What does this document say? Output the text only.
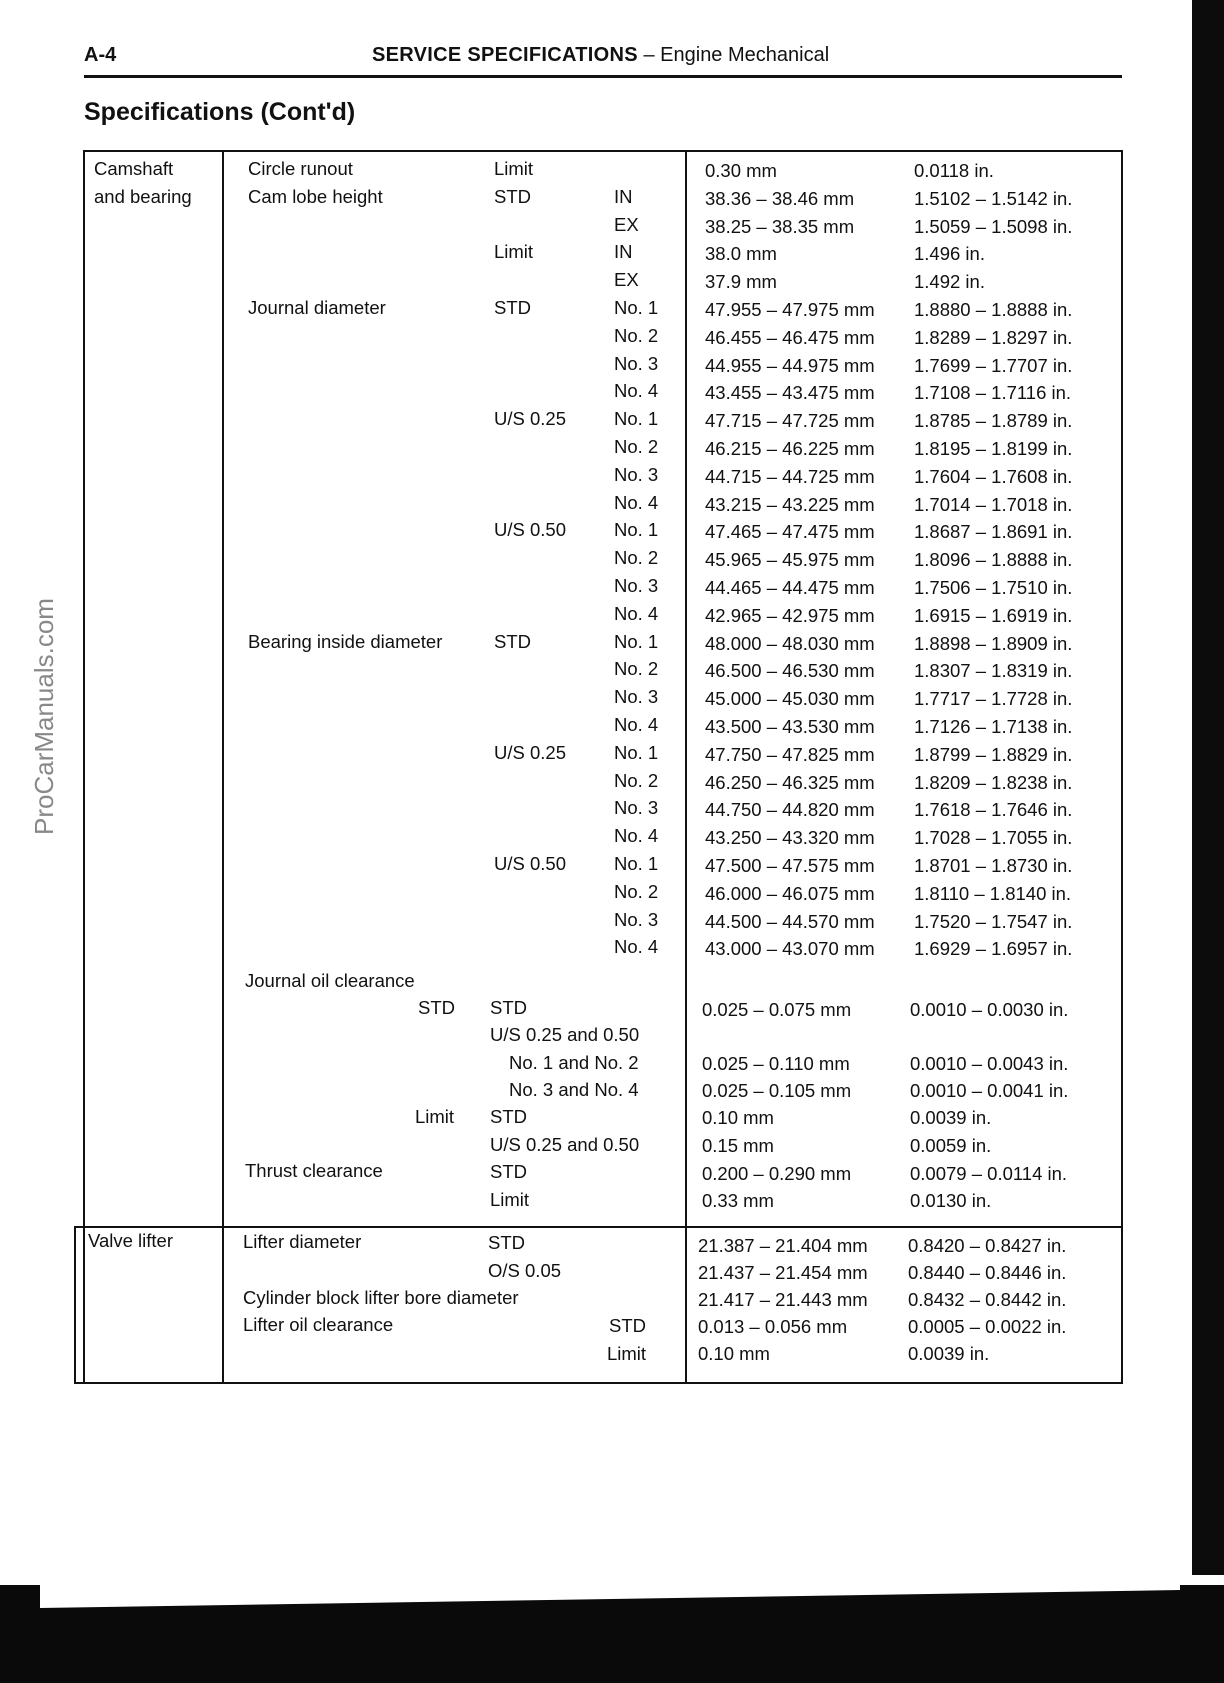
A-4	SERVICE SPECIFICATIONS – Engine Mechanical
Specifications (Cont'd)
ProCarManuals.com
Camshaft	Circle runout	Limit	0.30 mm	0.0118 in.
and bearing	Cam lobe height	STD	IN	38.36 – 38.46 mm	1.5102 – 1.5142 in.
EX	38.25 – 38.35 mm	1.5059 – 1.5098 in.
Limit	IN	38.0 mm	1.496 in.
EX	37.9 mm	1.492 in.
Journal diameter	STD	No. 1	47.955 – 47.975 mm 1.8880 – 1.8888 in.
No. 2	46.455 – 46.475 mm 1.8289 – 1.8297 in.
No. 3	44.955 – 44.975 mm 1.7699 – 1.7707 in.
No. 4	43.455 – 43.475 mm 1.7108 – 1.7116 in.
U/S 0.25	No. 1	47.715 – 47.725 mm 1.8785 – 1.8789 in.
No. 2	46.215 – 46.225 mm 1.8195 – 1.8199 in.
No. 3	44.715 – 44.725 mm 1.7604 – 1.7608 in.
No. 4	43.215 – 43.225 mm 1.7014 – 1.7018 in.
U/S 0.50	No. 1	47.465 – 47.475 mm 1.8687 – 1.8691 in.
No. 2	45.965 – 45.975 mm 1.8096 – 1.8888 in.
No. 3	44.465 – 44.475 mm 1.7506 – 1.7510 in.
No. 4	42.965 – 42.975 mm 1.6915 – 1.6919 in.
Bearing inside diameter	STD	No. 1	48.000 – 48.030 mm 1.8898 – 1.8909 in.
No. 2	46.500 – 46.530 mm 1.8307 – 1.8319 in.
No. 3	45.000 – 45.030 mm 1.7717 – 1.7728 in.
No. 4	43.500 – 43.530 mm 1.7126 – 1.7138 in.
U/S 0.25	No. 1	47.750 – 47.825 mm 1.8799 – 1.8829 in.
No. 2	46.250 – 46.325 mm 1.8209 – 1.8238 in.
No. 3	44.750 – 44.820 mm 1.7618 – 1.7646 in.
No. 4	43.250 – 43.320 mm 1.7028 – 1.7055 in.
U/S 0.50	No. 1	47.500 – 47.575 mm 1.8701 – 1.8730 in.
No. 2	46.000 – 46.075 mm 1.8110 – 1.8140 in.
No. 3	44.500 – 44.570 mm 1.7520 – 1.7547 in.
No. 4	43.000 – 43.070 mm 1.6929 – 1.6957 in.
Journal oil clearance
STD STD	0.025 – 0.075 mm	0.0010 – 0.0030 in.
U/S 0.25 and 0.50
No. 1 and No. 2	0.025 – 0.110 mm	0.0010 – 0.0043 in.
No. 3 and No. 4	0.025 – 0.105 mm	0.0010 – 0.0041 in.
Limit STD	0.10 mm	0.0039 in.
U/S 0.25 and 0.50	0.15 mm	0.0059 in.
Thrust clearance	STD	0.200 – 0.290 mm	0.0079 – 0.0114 in.
Limit	0.33 mm	0.0130 in.
Valve lifter	Lifter diameter	STD	21.387 – 21.404 mm 0.8420 – 0.8427 in.
O/S 0.05	21.437 – 21.454 mm 0.8440 – 0.8446 in.
Cylinder block lifter bore diameter	21.417 – 21.443 mm 0.8432 – 0.8442 in.
Lifter oil clearance	STD	0.013 – 0.056 mm	0.0005 – 0.0022 in.
Limit	0.10 mm	0.0039 in.
